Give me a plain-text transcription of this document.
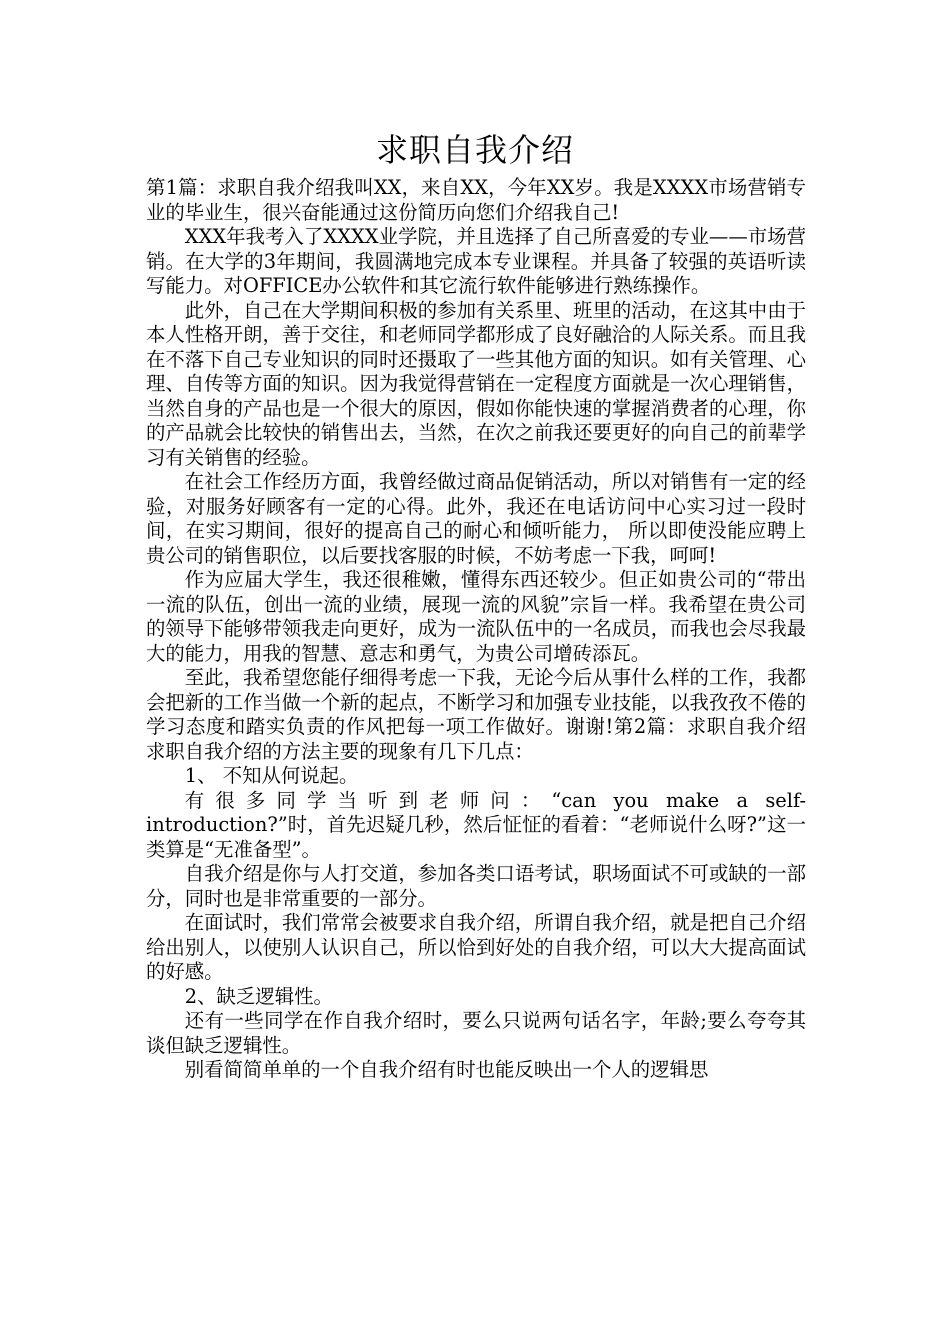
求职自我介绍

第1篇：求职自我介绍我叫XX，来自XX，今年XX岁。我是XXXX市场营销专业的毕业生，很兴奋能通过这份简历向您们介绍我自己!

XXX年我考入了XXXX业学院，并且选择了自己所喜爱的专业——市场营销。在大学的3年期间，我圆满地完成本专业课程。并具备了较强的英语听读写能力。对OFFICE办公软件和其它流行软件能够进行熟练操作。

此外，自己在大学期间积极的参加有关系里、班里的活动，在这其中由于本人性格开朗，善于交往，和老师同学都形成了良好融洽的人际关系。而且我在不落下自己专业知识的同时还摄取了一些其他方面的知识。如有关管理、心理、自传等方面的知识。因为我觉得营销在一定程度方面就是一次心理销售，当然自身的产品也是一个很大的原因，假如你能快速的掌握消费者的心理，你的产品就会比较快的销售出去，当然，在次之前我还要更好的向自己的前辈学习有关销售的经验。

在社会工作经历方面，我曾经做过商品促销活动，所以对销售有一定的经验，对服务好顾客有一定的心得。此外，我还在电话访问中心实习过一段时间，在实习期间，很好的提高自己的耐心和倾听能力， 所以即使没能应聘上贵公司的销售职位，以后要找客服的时候，不妨考虑一下我，呵呵!

作为应届大学生，我还很稚嫩，懂得东西还较少。但正如贵公司的“带出一流的队伍，创出一流的业绩，展现一流的风貌”宗旨一样。我希望在贵公司的领导下能够带领我走向更好，成为一流队伍中的一名成员，而我也会尽我最大的能力，用我的智慧、意志和勇气，为贵公司增砖添瓦。

至此，我希望您能仔细得考虑一下我，无论今后从事什么样的工作，我都会把新的工作当做一个新的起点，不断学习和加强专业技能，以我孜孜不倦的学习态度和踏实负责的作风把每一项工作做好。谢谢!第2篇：求职自我介绍求职自我介绍的方法主要的现象有几下几点：

1、 不知从何说起。

有很多同学当听到老师问：“can you make a self-introduction?”时，首先迟疑几秒，然后怔怔的看着：“老师说什么呀?”这一类算是“无准备型”。

自我介绍是你与人打交道，参加各类口语考试，职场面试不可或缺的一部分，同时也是非常重要的一部分。

在面试时，我们常常会被要求自我介绍，所谓自我介绍，就是把自己介绍给出别人，以使别人认识自己，所以恰到好处的自我介绍，可以大大提高面试的好感。

2、缺乏逻辑性。

还有一些同学在作自我介绍时，要么只说两句话名字，年龄;要么夸夸其谈但缺乏逻辑性。

别看简简单单的一个自我介绍有时也能反映出一个人的逻辑思
